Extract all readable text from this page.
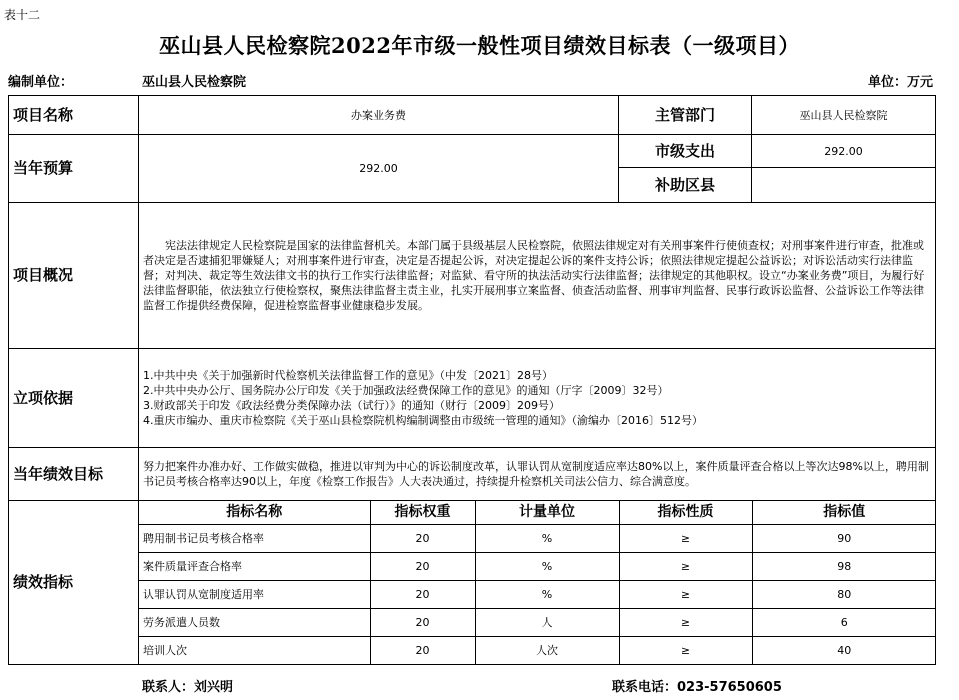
表十二
巫山县人民检察院2022年市级一般性项目绩效目标表（一级项目）
编制单位：	巫山县人民检察院	单位：万元
项目名称	办案业务费	主管部门	巫山县人民检察院
当年预算	292.00	市级支出	292.00
补助区县	
项目概况	宪法法律规定人民检察院是国家的法律监督机关。本部门属于县级基层人民检察院，依照法律规定对有关刑事案件行使侦查权；对刑事案件进行审查，批准或者决定是否逮捕犯罪嫌疑人；对刑事案件进行审查，决定是否提起公诉，对决定提起公诉的案件支持公诉；依照法律规定提起公益诉讼；对诉讼活动实行法律监督；对判决、裁定等生效法律文书的执行工作实行法律监督；对监狱、看守所的执法活动实行法律监督；法律规定的其他职权。设立“办案业务费”项目，为履行好法律监督职能，依法独立行使检察权，聚焦法律监督主责主业，扎实开展刑事立案监督、侦查活动监督、刑事审判监督、民事行政诉讼监督、公益诉讼工作等法律监督工作提供经费保障，促进检察监督事业健康稳步发展。
立项依据	
1.中共中央《关于加强新时代检察机关法律监督工作的意见》（中发〔2021〕28号）
2.中共中央办公厅、国务院办公厅印发《关于加强政法经费保障工作的意见》的通知（厅字〔2009〕32号）
3.财政部关于印发《政法经费分类保障办法（试行）》的通知（财行〔2009〕209号）
4.重庆市编办、重庆市检察院《关于巫山县检察院机构编制调整由市级统一管理的通知》（渝编办〔2016〕512号）

当年绩效目标	努力把案件办准办好、工作做实做稳，推进以审判为中心的诉讼制度改革，认罪认罚从宽制度适应率达80%以上，案件质量评查合格以上等次达98%以上，聘用制书记员考核合格率达90以上，年度《检察工作报告》人大表决通过，持续提升检察机关司法公信力、综合满意度。
绩效指标	
指标名称	指标权重	计量单位	指标性质	指标值
聘用制书记员考核合格率	20	%	≥	90
案件质量评查合格率	20	%	≥	98
认罪认罚从宽制度适用率	20	%	≥	80
劳务派遣人员数	20	人	≥	6
培训人次	20	人次	≥	40
联系人：刘兴明	联系电话：023-57650605
